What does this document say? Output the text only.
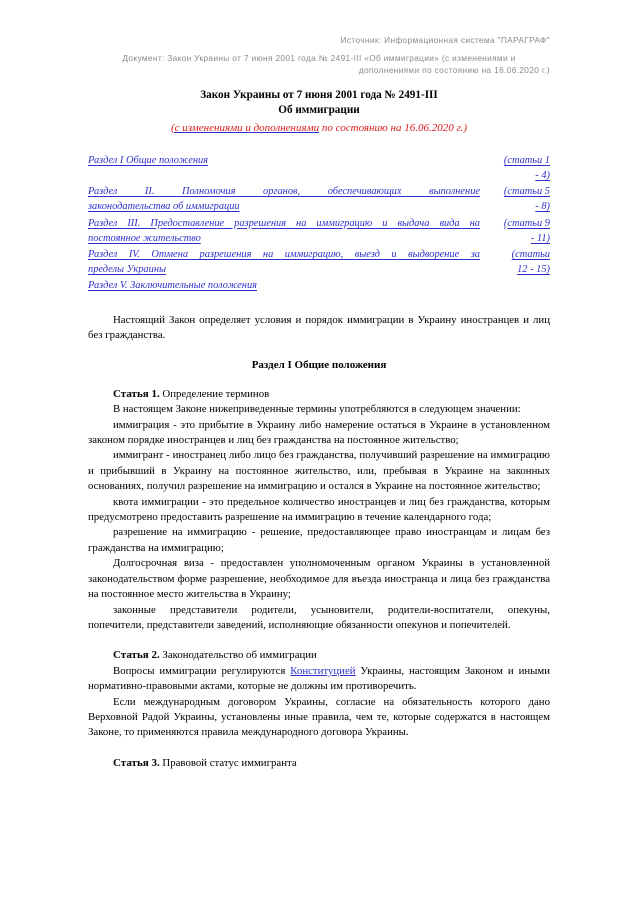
Источник: Информационная система "ПАРАГРАФ"
Документ: Закон Украины от 7 июня 2001 года № 2491-III «Об иммиграции» (с изменениями и
дополнениями по состоянию на 16.06.2020 г.)
Закон Украины от 7 июня 2001 года № 2491-III
Об иммиграции
(с изменениями и дополнениями по состоянию на 16.06.2020 г.)
Раздел I Общие положения	(статьи 1
- 4)
Раздел II. Полномочия органов, обеспечивающих выполнение
законодательства об иммиграции
(статьи 5
- 8)
Раздел III. Предоставление разрешения на иммиграцию и выдача вида на
постоянное жительство
(статьи 9
- 11)
Раздел IV. Отмена разрешения на иммиграцию, выезд и выдворение за
пределы Украины
(статьи
12 - 15)
Раздел V. Заключительные положения

Настоящий Закон определяет условия и порядок иммиграции в Украину иностранцев и лиц без гражданства.

Раздел I Общие положения

Статья 1. Определение терминов

В настоящем Законе нижеприведенные термины употребляются в следующем значении:

иммиграция - это прибытие в Украину либо намерение остаться в Украине в установленном законом порядке иностранцев и лиц без гражданства на постоянное жительство;

иммигрант - иностранец либо лицо без гражданства, получивший разрешение на иммиграцию и прибывший в Украину на постоянное жительство, или, пребывая в Украине на законных основаниях, получил разрешение на иммиграцию и остался в Украине на постоянное жительство;

квота иммиграции - это предельное количество иностранцев и лиц без гражданства, которым предусмотрено предоставить разрешение на иммиграцию в течение календарного года;

разрешение на иммиграцию - решение, предоставляющее право иностранцам и лицам без гражданства на иммиграцию;

Долгосрочная виза - предоставлен уполномоченным органом Украины в установленной законодательством форме разрешение, необходимое для въезда иностранца и лица без гражданства на постоянное место жительства в Украину;

законные представители родители, усыновители, родители-воспитатели, опекуны, попечители, представители заведений, исполняющие обязанности опекунов и попечителей.

Статья 2. Законодательство об иммиграции

Вопросы иммиграции регулируются Конституцией Украины, настоящим Законом и иными нормативно-правовыми актами, которые не должны им противоречить.

Если международным договором Украины, согласие на обязательность которого дано Верховной Радой Украины, установлены иные правила, чем те, которые содержатся в настоящем Законе, то применяются правила международного договора Украины.

Статья 3. Правовой статус иммигранта
